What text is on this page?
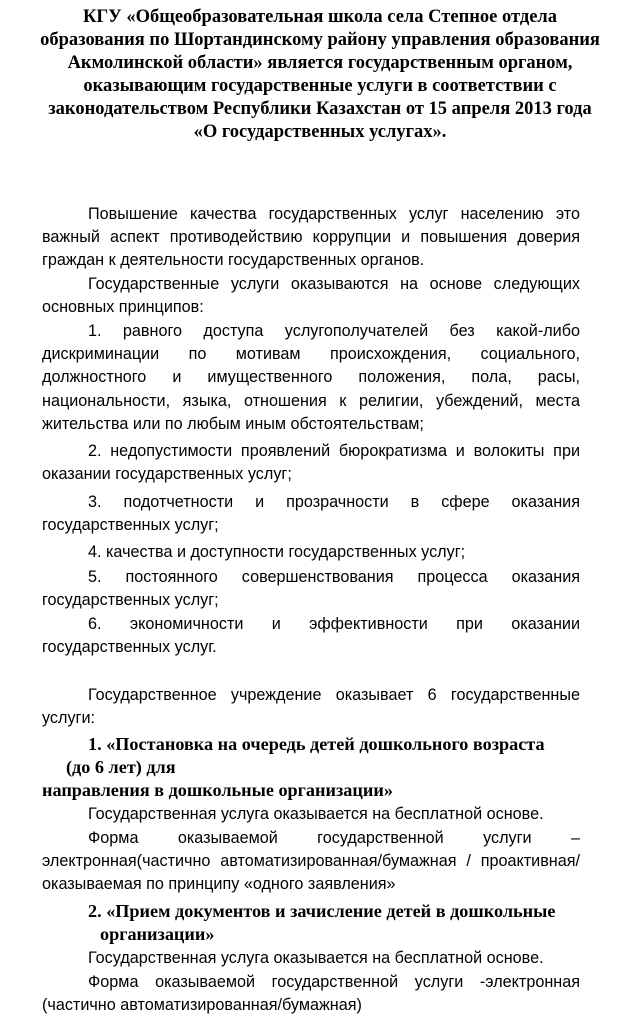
КГУ «Общеобразовательная школа села Степное отдела образования по Шортандинскому району управления образования Акмолинской области» является государственным органом, оказывающим государственные услуги в соответствии с законодательством Республики Казахстан от 15 апреля 2013 года «О государственных услугах».
Повышение качества государственных услуг населению это важный аспект противодействию коррупции и повышения доверия граждан к деятельности государственных органов.
Государственные услуги оказываются на основе следующих основных принципов:
1. равного доступа услугополучателей без какой-либо дискриминации по мотивам происхождения, социального, должностного и имущественного положения, пола, расы, национальности, языка, отношения к религии, убеждений, места жительства или по любым иным обстоятельствам;
2. недопустимости проявлений бюрократизма и волокиты при оказании государственных услуг;
3. подотчетности и прозрачности в сфере оказания государственных услуг;
4. качества и доступности государственных услуг;
5. постоянного совершенствования процесса оказания государственных услуг;
6. экономичности и эффективности при оказании государственных услуг.
Государственное учреждение оказывает 6 государственные услуги:
1. «Постановка на очередь детей дошкольного возраста
(до 6 лет) для
направления в дошкольные организации»
Государственная услуга оказывается на бесплатной основе.
Форма оказываемой государственной услуги – электронная(частично автоматизированная/бумажная / проактивная/ оказываемая по принципу «одного заявления»
2. «Прием документов и зачисление детей в дошкольные
организации»
Государственная услуга оказывается на бесплатной основе.
Форма оказываемой государственной услуги -электронная (частично автоматизированная/бумажная)
